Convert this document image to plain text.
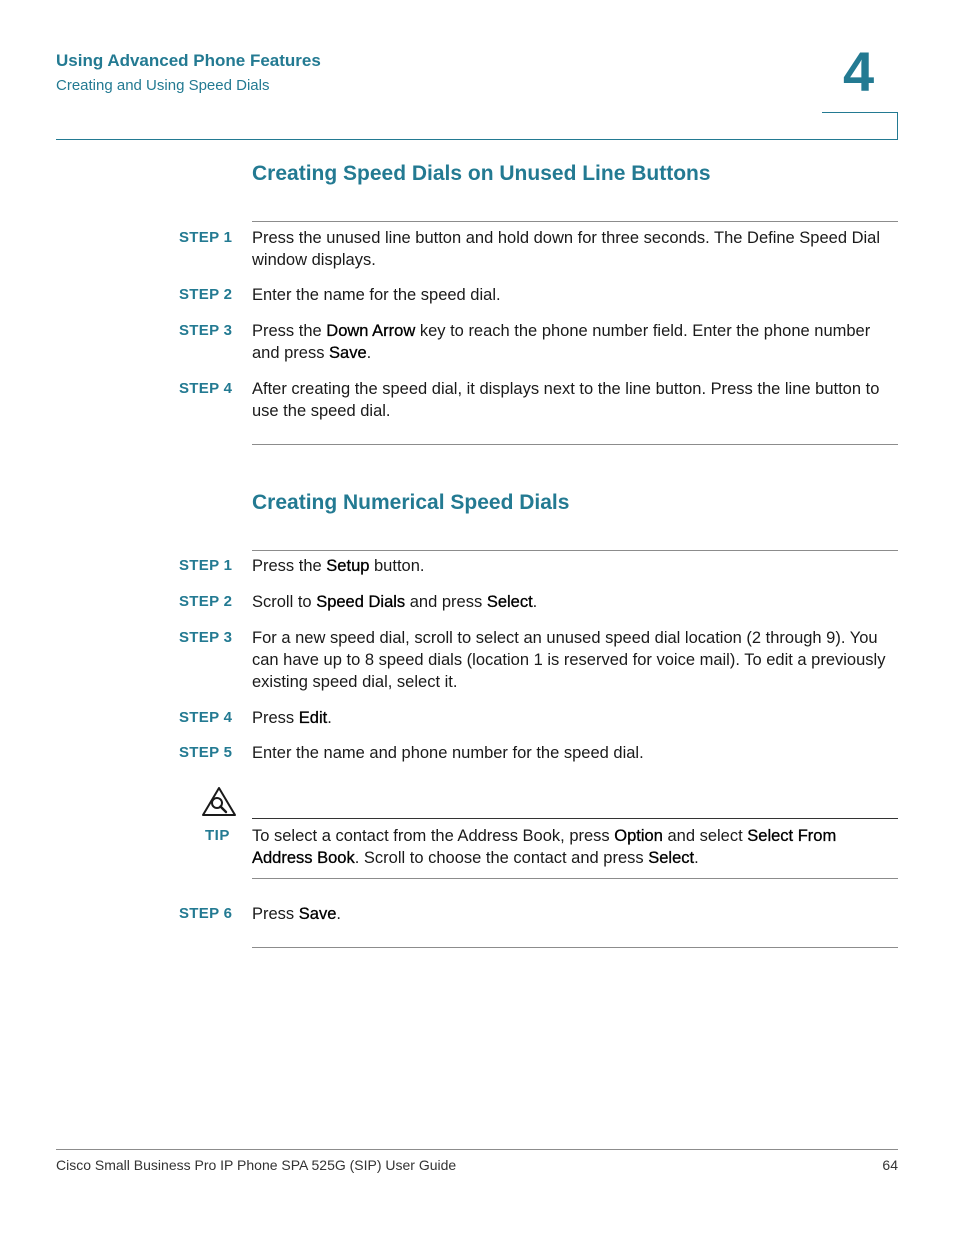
Using Advanced Phone Features
Creating and Using Speed Dials	4
Creating Speed Dials on Unused Line Buttons
STEP 1 Press the unused line button and hold down for three seconds. The Define Speed Dial window displays.
STEP 2 Enter the name for the speed dial.
STEP 3 Press the Down Arrow key to reach the phone number field. Enter the phone number and press Save.
STEP 4 After creating the speed dial, it displays next to the line button. Press the line button to use the speed dial.
Creating Numerical Speed Dials
STEP 1 Press the Setup button.
STEP 2 Scroll to Speed Dials and press Select.
STEP 3 For a new speed dial, scroll to select an unused speed dial location (2 through 9). You can have up to 8 speed dials (location 1 is reserved for voice mail). To edit a previously existing speed dial, select it.
STEP 4 Press Edit.
STEP 5 Enter the name and phone number for the speed dial.
TIP To select a contact from the Address Book, press Option and select Select From Address Book. Scroll to choose the contact and press Select.
STEP 6 Press Save.
Cisco Small Business Pro IP Phone SPA 525G (SIP) User Guide	64
